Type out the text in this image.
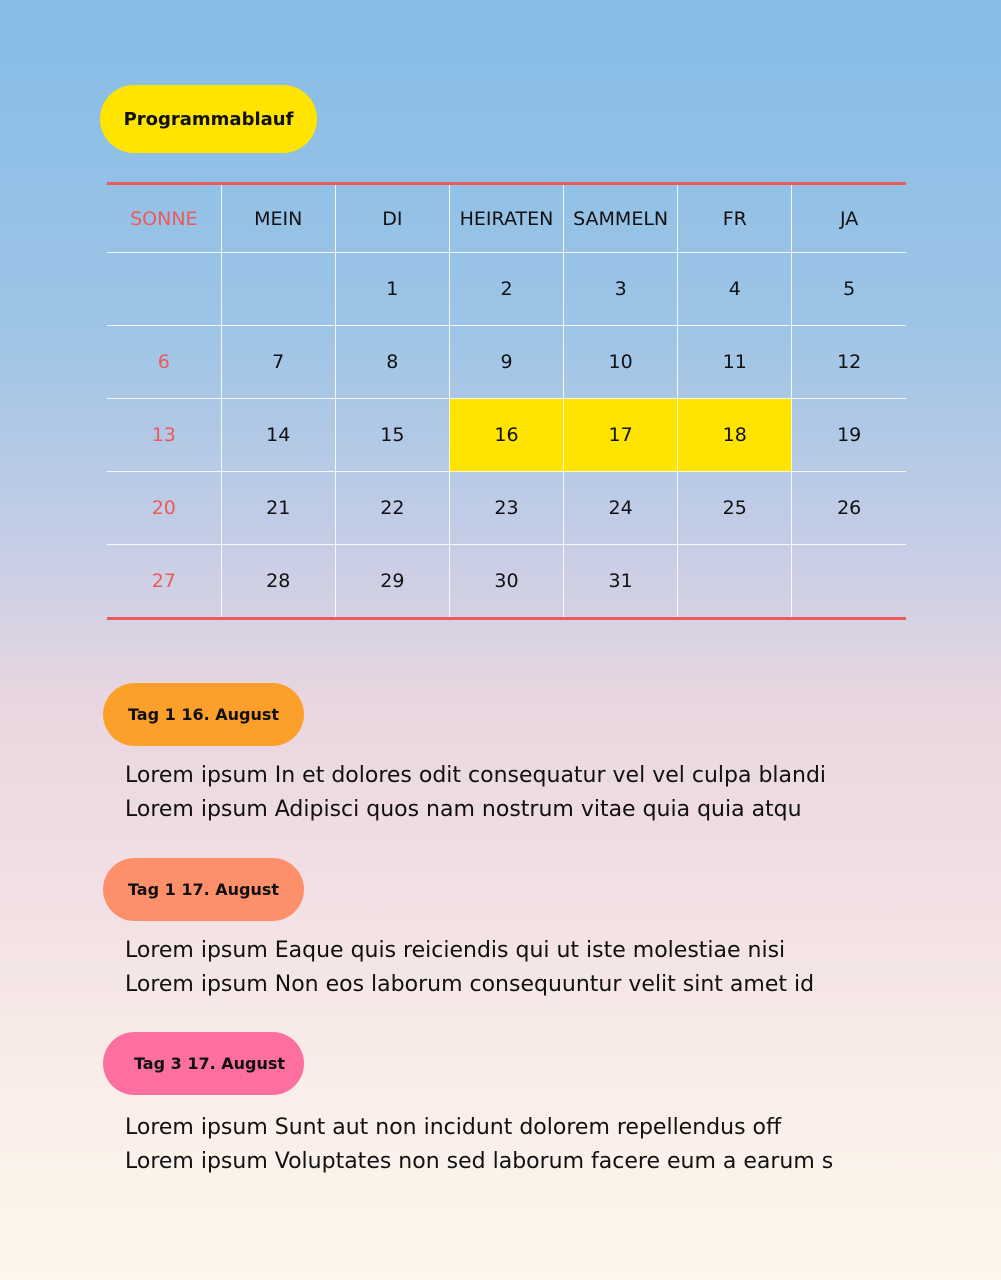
Programmablauf
SONNE	MEIN	DI	HEIRATEN	SAMMELN	FR	JA
		1	2	3	4	5
6	7	8	9	10	11	12
13	14	15	16	17	18	19
20	21	22	23	24	25	26
27	28	29	30	31		
Tag 1 16. August
Lorem ipsum In et dolores odit consequatur vel vel culpa blandi
Lorem ipsum Adipisci quos nam nostrum vitae quia quia atqu
Tag 1 17. August
Lorem ipsum Eaque quis reiciendis qui ut iste molestiae nisi
Lorem ipsum Non eos laborum consequuntur velit sint amet id
Tag 3 17. August
Lorem ipsum Sunt aut non incidunt dolorem repellendus off
Lorem ipsum Voluptates non sed laborum facere eum a earum s
